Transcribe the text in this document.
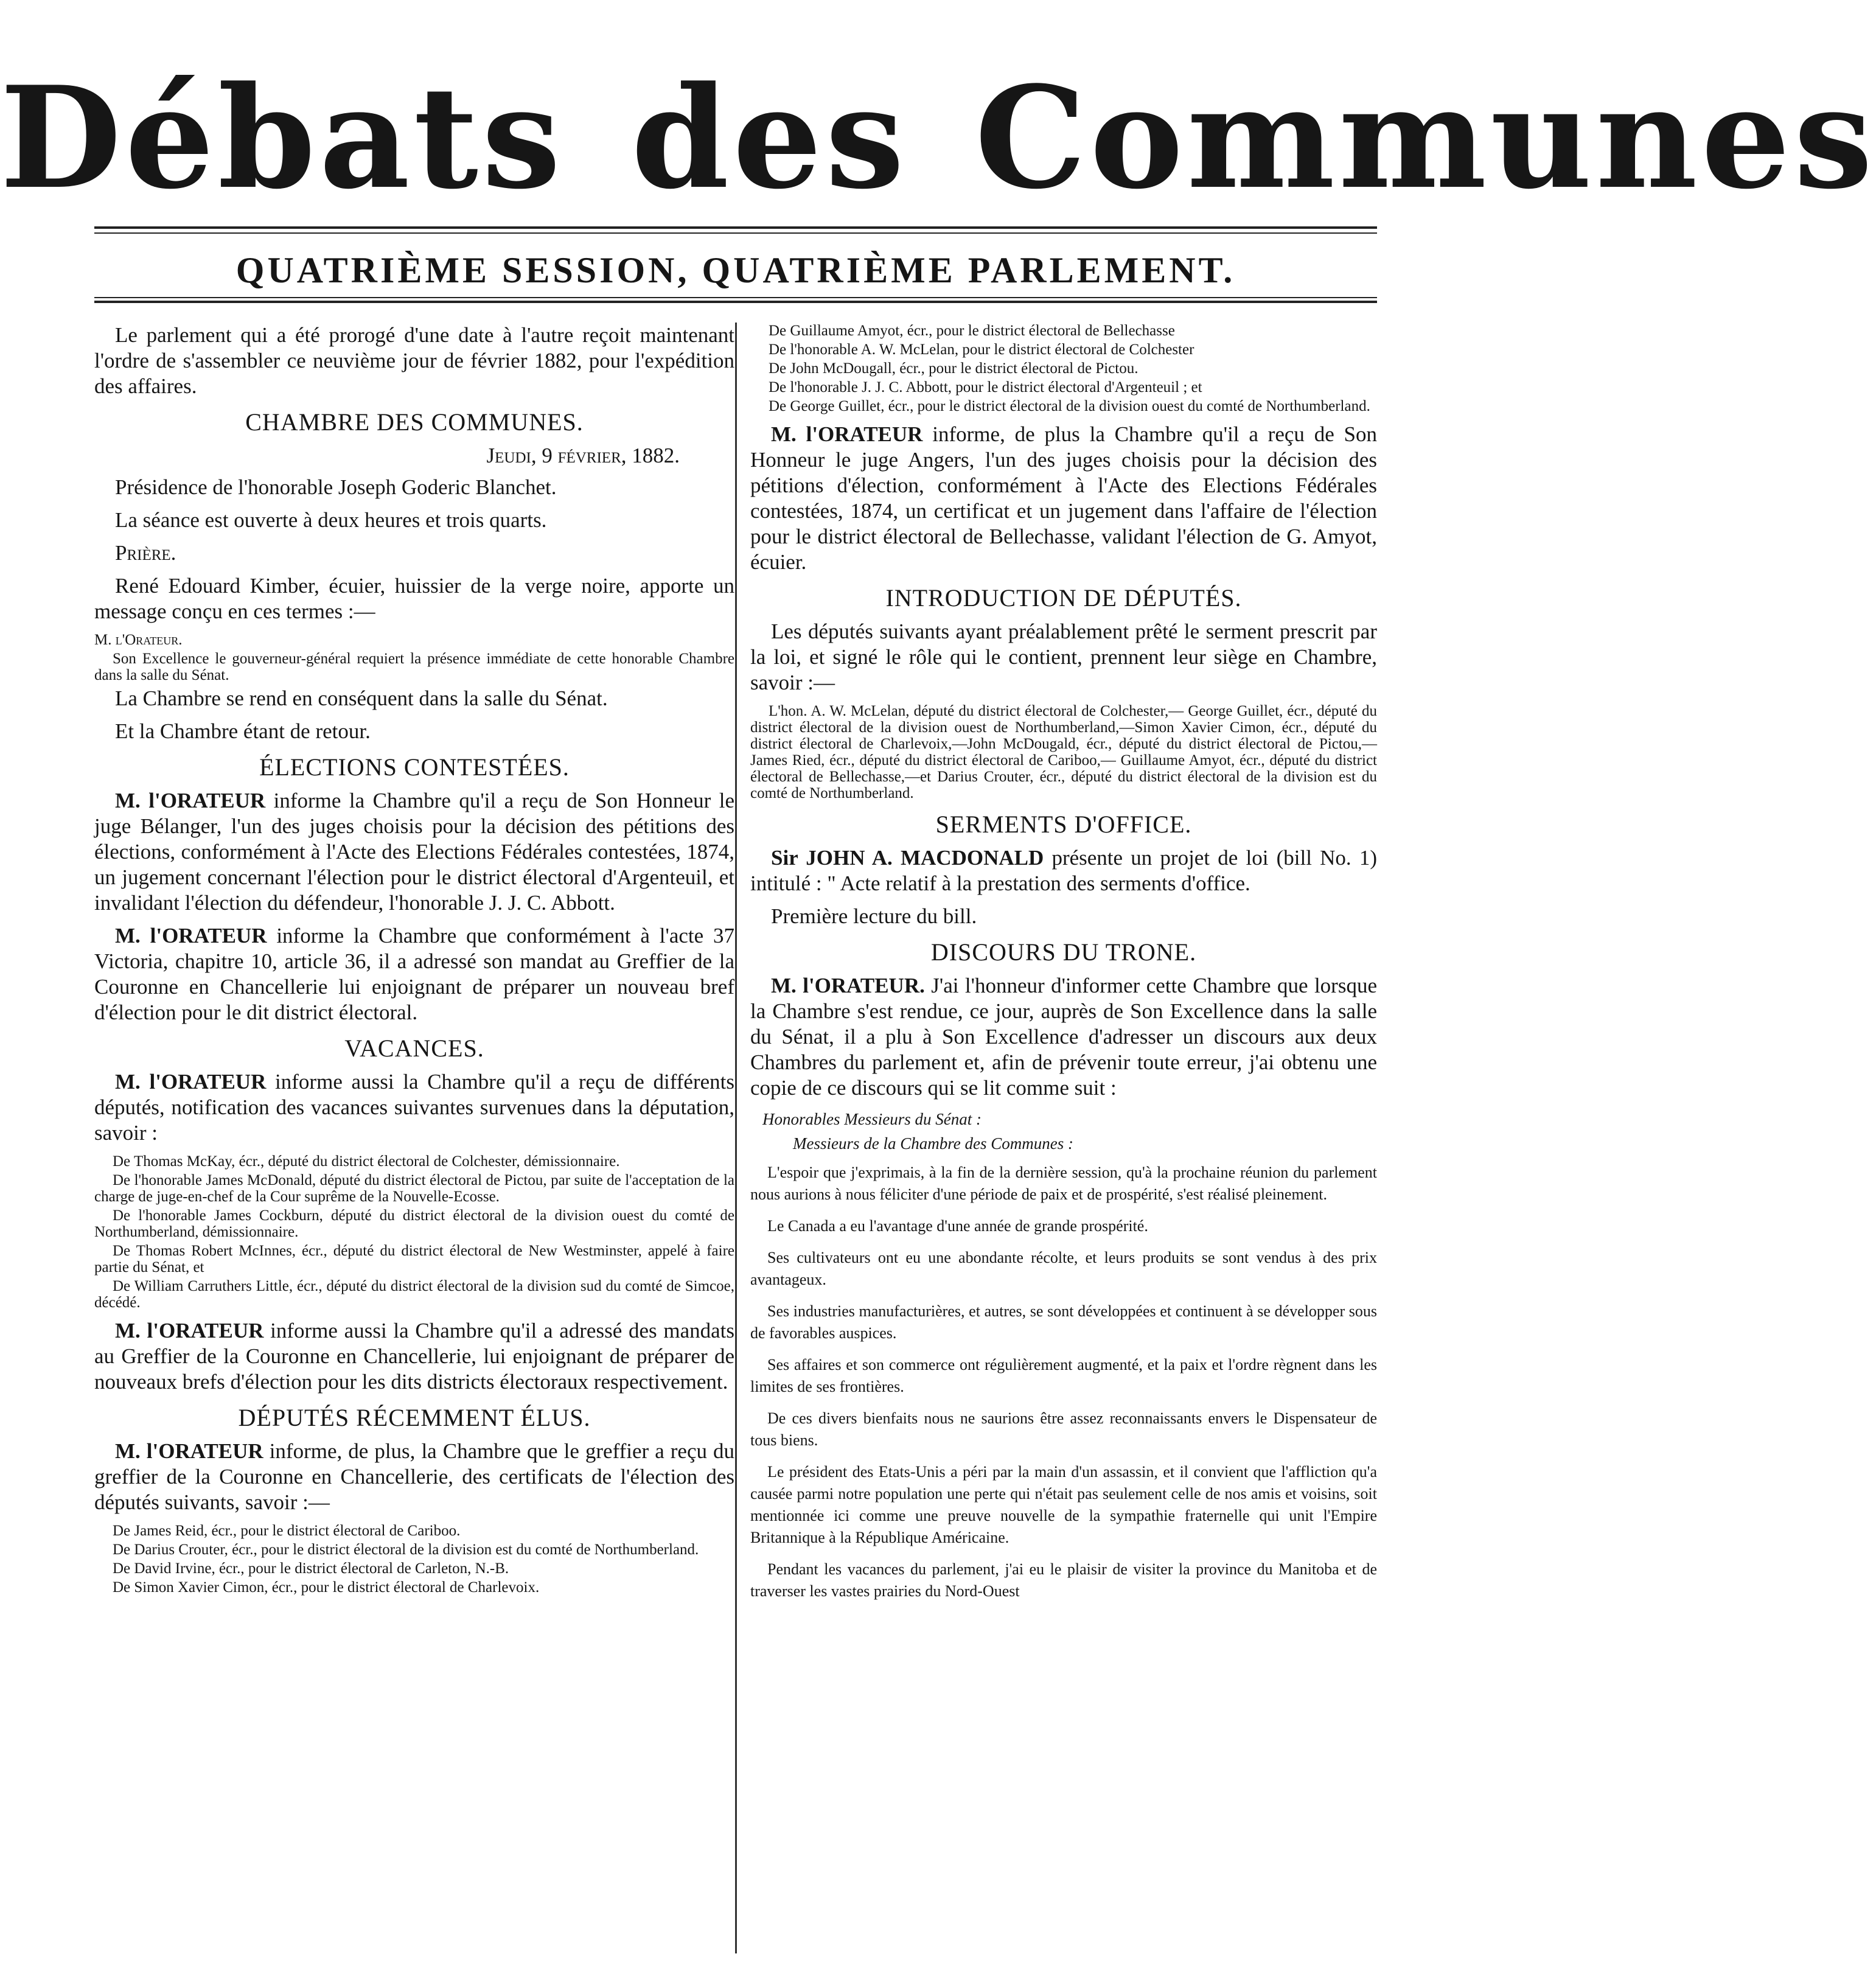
Débats des Communes
QUATRIÈME SESSION, QUATRIÈME PARLEMENT.

Le parlement qui a été prorogé d'une date à l'autre reçoit maintenant l'ordre de s'assembler ce neuvième jour de février 1882, pour l'expédition des affaires.

CHAMBRE DES COMMUNES.

Jeudi, 9 février, 1882.

Présidence de l'honorable Joseph Goderic Blanchet.

La séance est ouverte à deux heures et trois quarts.

Prière.

René Edouard Kimber, écuier, huissier de la verge noire, apporte un message conçu en ces termes :—

M. l'Orateur.

Son Excellence le gouverneur-général requiert la présence immédiate de cette honorable Chambre dans la salle du Sénat.

La Chambre se rend en conséquent dans la salle du Sénat.

Et la Chambre étant de retour.

ÉLECTIONS CONTESTÉES.

M. l'ORATEUR informe la Chambre qu'il a reçu de Son Honneur le juge Bélanger, l'un des juges choisis pour la décision des pétitions des élections, conformément à l'Acte des Elections Fédérales contestées, 1874, un jugement concernant l'élection pour le district électoral d'Argenteuil, et invalidant l'élection du défendeur, l'honorable J. J. C. Abbott.

M. l'ORATEUR informe la Chambre que conformément à l'acte 37 Victoria, chapitre 10, article 36, il a adressé son mandat au Greffier de la Couronne en Chancellerie lui enjoignant de préparer un nouveau bref d'élection pour le dit district électoral.

VACANCES.

M. l'ORATEUR informe aussi la Chambre qu'il a reçu de différents députés, notification des vacances suivantes survenues dans la députation, savoir :

De Thomas McKay, écr., député du district électoral de Colchester, démissionnaire.

De l'honorable James McDonald, député du district électoral de Pictou, par suite de l'acceptation de la charge de juge-en-chef de la Cour suprême de la Nouvelle-Ecosse.

De l'honorable James Cockburn, député du district électoral de la division ouest du comté de Northumberland, démissionnaire.

De Thomas Robert McInnes, écr., député du district électoral de New Westminster, appelé à faire partie du Sénat, et

De William Carruthers Little, écr., député du district électoral de la division sud du comté de Simcoe, décédé.

M. l'ORATEUR informe aussi la Chambre qu'il a adressé des mandats au Greffier de la Couronne en Chancellerie, lui enjoignant de préparer de nouveaux brefs d'élection pour les dits districts électoraux respectivement.

DÉPUTÉS RÉCEMMENT ÉLUS.

M. l'ORATEUR informe, de plus, la Chambre que le greffier a reçu du greffier de la Couronne en Chancellerie, des certificats de l'élection des députés suivants, savoir :—

De James Reid, écr., pour le district électoral de Cariboo.

De Darius Crouter, écr., pour le district électoral de la division est du comté de Northumberland.

De David Irvine, écr., pour le district électoral de Carleton, N.-B.

De Simon Xavier Cimon, écr., pour le district électoral de Charlevoix.

De Guillaume Amyot, écr., pour le district électoral de Bellechasse

De l'honorable A. W. McLelan, pour le district électoral de Colchester

De John McDougall, écr., pour le district électoral de Pictou.

De l'honorable J. J. C. Abbott, pour le district électoral d'Argenteuil ; et

De George Guillet, écr., pour le district électoral de la division ouest du comté de Northumberland.

M. l'ORATEUR informe, de plus la Chambre qu'il a reçu de Son Honneur le juge Angers, l'un des juges choisis pour la décision des pétitions d'élection, conformément à l'Acte des Elections Fédérales contestées, 1874, un certificat et un jugement dans l'affaire de l'élection pour le district électoral de Bellechasse, validant l'élection de G. Amyot, écuier.

INTRODUCTION DE DÉPUTÉS.

Les députés suivants ayant préalablement prêté le serment prescrit par la loi, et signé le rôle qui le contient, prennent leur siège en Chambre, savoir :—

L'hon. A. W. McLelan, député du district électoral de Colchester,— George Guillet, écr., député du district électoral de la division ouest de Northumberland,—Simon Xavier Cimon, écr., député du district électoral de Charlevoix,—John McDougald, écr., député du district électoral de Pictou,—James Ried, écr., député du district électoral de Cariboo,— Guillaume Amyot, écr., député du district électoral de Bellechasse,—et Darius Crouter, écr., député du district électoral de la division est du comté de Northumberland.

SERMENTS D'OFFICE.

Sir JOHN A. MACDONALD présente un projet de loi (bill No. 1) intitulé : " Acte relatif à la prestation des serments d'office.

Première lecture du bill.

DISCOURS DU TRONE.

M. l'ORATEUR. J'ai l'honneur d'informer cette Chambre que lorsque la Chambre s'est rendue, ce jour, auprès de Son Excellence dans la salle du Sénat, il a plu à Son Excellence d'adresser un discours aux deux Chambres du parlement et, afin de prévenir toute erreur, j'ai obtenu une copie de ce discours qui se lit comme suit :

Honorables Messieurs du Sénat :

Messieurs de la Chambre des Communes :

L'espoir que j'exprimais, à la fin de la dernière session, qu'à la prochaine réunion du parlement nous aurions à nous féliciter d'une période de paix et de prospérité, s'est réalisé pleinement.

Le Canada a eu l'avantage d'une année de grande prospérité.

Ses cultivateurs ont eu une abondante récolte, et leurs produits se sont vendus à des prix avantageux.

Ses industries manufacturières, et autres, se sont développées et continuent à se développer sous de favorables auspices.

Ses affaires et son commerce ont régulièrement augmenté, et la paix et l'ordre règnent dans les limites de ses frontières.

De ces divers bienfaits nous ne saurions être assez reconnaissants envers le Dispensateur de tous biens.

Le président des Etats-Unis a péri par la main d'un assassin, et il convient que l'affliction qu'a causée parmi notre population une perte qui n'était pas seulement celle de nos amis et voisins, soit mentionnée ici comme une preuve nouvelle de la sympathie fraternelle qui unit l'Empire Britannique à la République Américaine.

Pendant les vacances du parlement, j'ai eu le plaisir de visiter la province du Manitoba et de traverser les vastes prairies du Nord-Ouest
